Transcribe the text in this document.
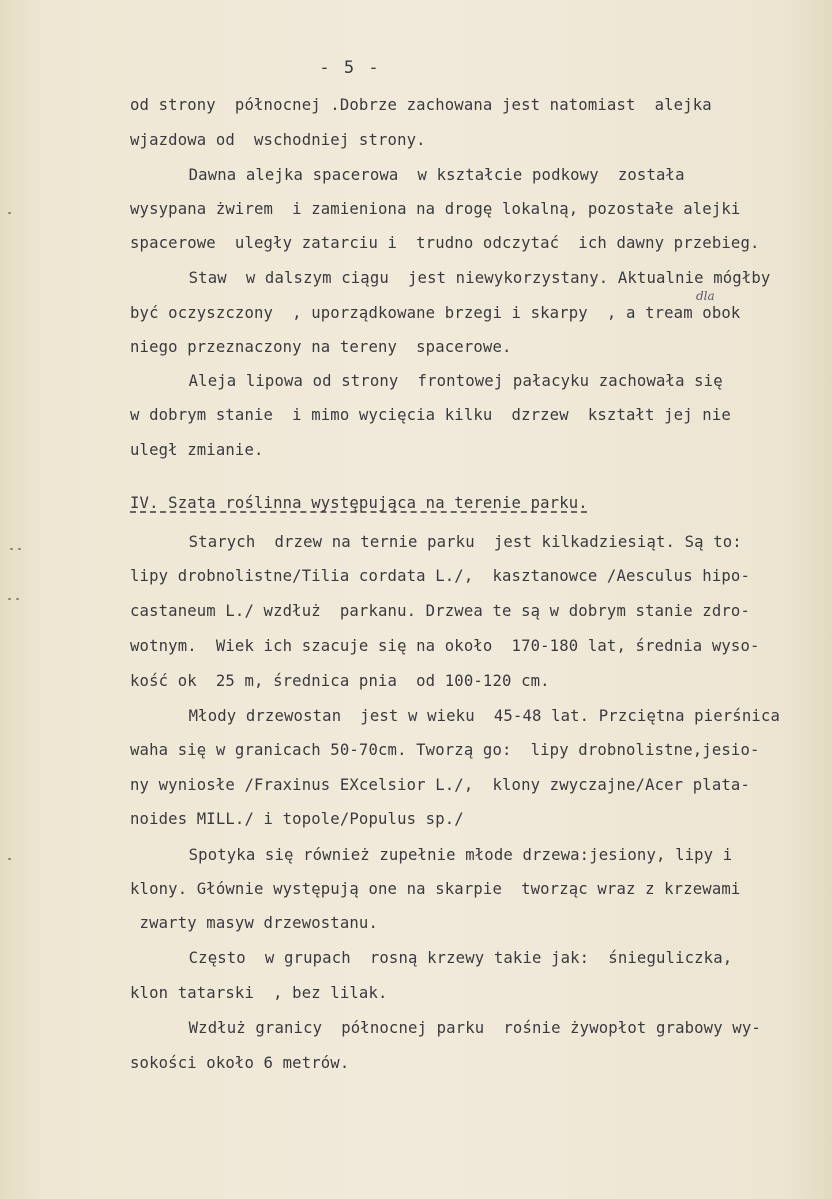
- 5 -
od strony  północnej .Dobrze zachowana jest natomiast  alejka
wjazdowa od  wschodniej strony.
Dawna alejka spacerowa  w kształcie podkowy  została
wysypana żwirem  i zamieniona na drogę lokalną, pozostałe alejki
spacerowe  uległy zatarciu i  trudno odczytać  ich dawny przebieg.
Staw  w dalszym ciągu  jest niewykorzystany. Aktualnie mógłby
dla
być oczyszczony  , uporządkowane brzegi i skarpy  , a tream obok
niego przeznaczony na tereny  spacerowe.
Aleja lipowa od strony  frontowej pałacyku zachowała się
w dobrym stanie  i mimo wycięcia kilku  dzrzew  kształt jej nie
uległ zmianie.
IV. Szata roślinna występująca na terenie parku.
Starych  drzew na ternie parku  jest kilkadziesiąt. Są to:
lipy drobnolistne/Tilia cordata L./,  kasztanowce /Aesculus hipo-
castaneum L./ wzdłuż  parkanu. Drzwea te są w dobrym stanie zdro-
wotnym.  Wiek ich szacuje się na około  170-180 lat, średnia wyso-
kość ok  25 m, średnica pnia  od 100-120 cm.
Młody drzewostan  jest w wieku  45-48 lat. Przciętna pierśnica
waha się w granicach 50-70cm. Tworzą go:  lipy drobnolistne,jesio-
ny wyniosłe /Fraxinus EXcelsior L./,  klony zwyczajne/Acer plata-
noides MILL./ i topole/Populus sp./
Spotyka się również zupełnie młode drzewa:jesiony, lipy i
klony. Głównie występują one na skarpie  tworząc wraz z krzewami
zwarty masyw drzewostanu.
Często  w grupach  rosną krzewy takie jak:  śnieguliczka,
klon tatarski  , bez lilak.
Wzdłuż granicy  północnej parku  rośnie żywopłot grabowy wy-
sokości około 6 metrów.
